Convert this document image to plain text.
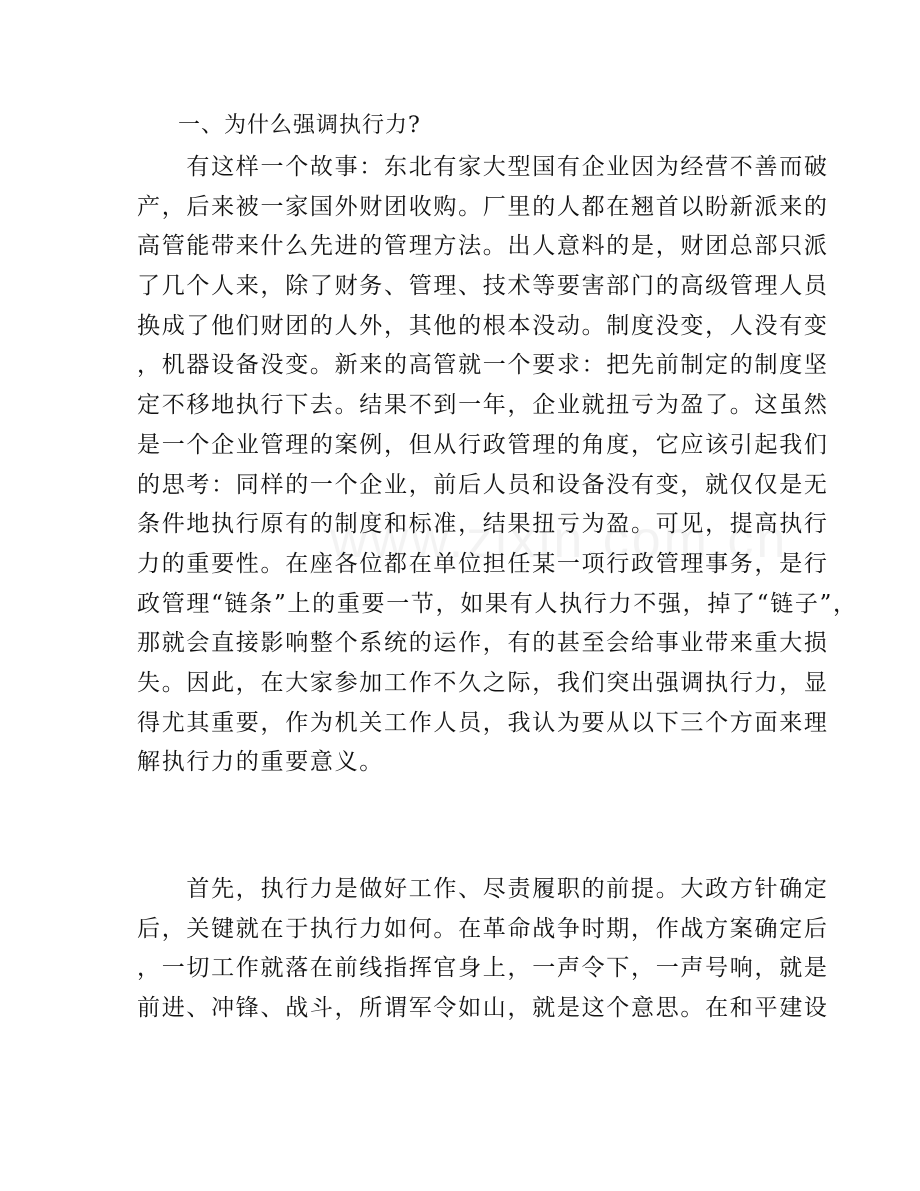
一、为什么强调执行力?
　　有这样一个故事：东北有家大型国有企业因为经营不善而破
产，后来被一家国外财团收购。厂里的人都在翘首以盼新派来的
高管能带来什么先进的管理方法。出人意料的是，财团总部只派
了几个人来，除了财务、管理、技术等要害部门的高级管理人员
换成了他们财团的人外，其他的根本没动。制度没变，人没有变
，机器设备没变。新来的高管就一个要求：把先前制定的制度坚
定不移地执行下去。结果不到一年，企业就扭亏为盈了。这虽然
是一个企业管理的案例，但从行政管理的角度，它应该引起我们
的思考：同样的一个企业，前后人员和设备没有变，就仅仅是无
条件地执行原有的制度和标准，结果扭亏为盈。可见，提高执行
力的重要性。在座各位都在单位担任某一项行政管理事务，是行
政管理“链条”上的重要一节，如果有人执行力不强，掉了“链子”，
那就会直接影响整个系统的运作，有的甚至会给事业带来重大损
失。因此，在大家参加工作不久之际，我们突出强调执行力，显
得尤其重要，作为机关工作人员，我认为要从以下三个方面来理
解执行力的重要意义。
　　首先，执行力是做好工作、尽责履职的前提。大政方针确定
后，关键就在于执行力如何。在革命战争时期，作战方案确定后
，一切工作就落在前线指挥官身上，一声令下，一声号响，就是
前进、冲锋、战斗，所谓军令如山，就是这个意思。在和平建设
